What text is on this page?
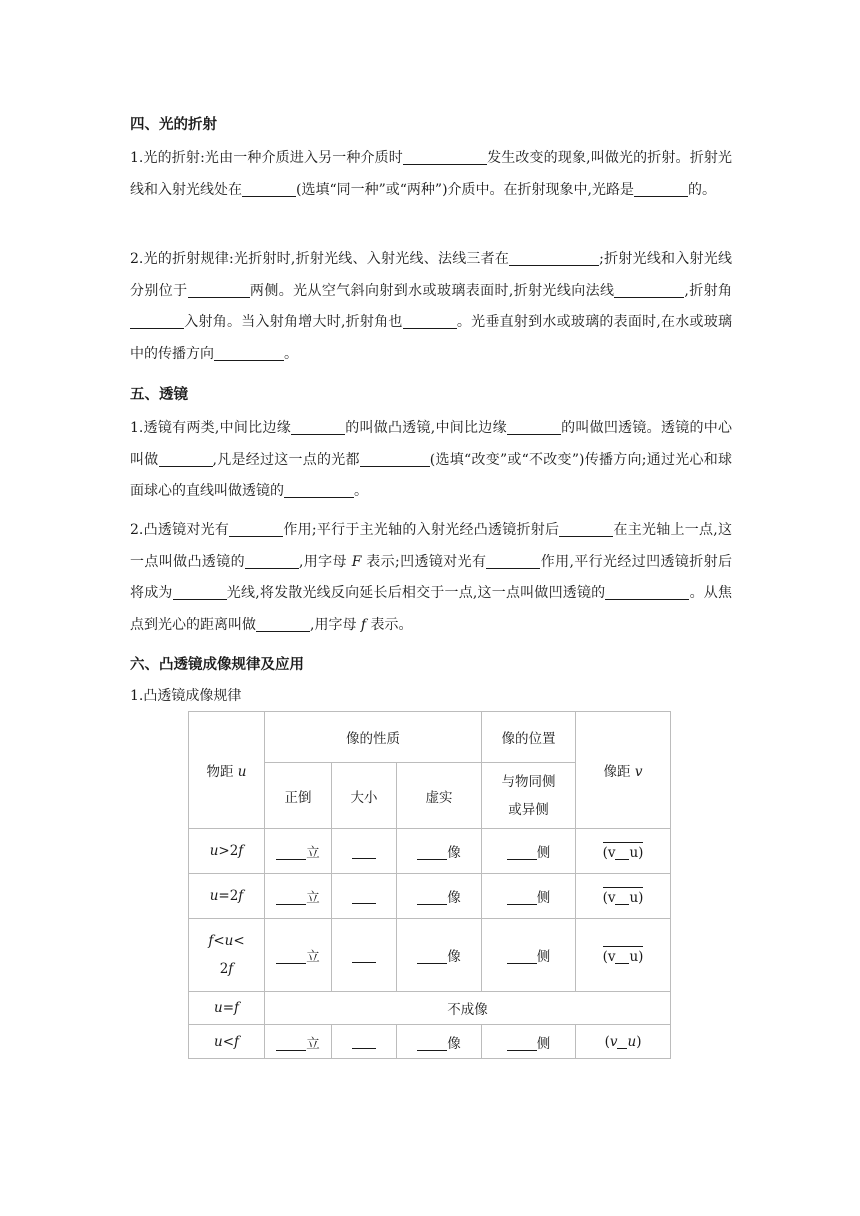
四、光的折射
1.光的折射:光由一种介质进入另一种介质时	发生改变的现象,叫做光的折射。折射光线和入射光线处在	(选填“同一种”或“两种”)介质中。在折射现象中,光路是	的。
2.光的折射规律:光折射时,折射光线、入射光线、法线三者在	;折射光线和入射光线分别位于	两侧。光从空气斜向射到水或玻璃表面时,折射光线向法线	,折射角入射角。当入射角增大时,折射角也	。光垂直射到水或玻璃的表面时,在水或玻璃中的传播方向	。
五、透镜
1.透镜有两类,中间比边缘	的叫做凸透镜,中间比边缘	的叫做凹透镜。透镜的中心叫做	,凡是经过这一点的光都	(选填“改变”或“不改变”)传播方向;通过光心和球面球心的直线叫做透镜的	。
2.凸透镜对光有	作用;平行于主光轴的入射光经凸透镜折射后	在主光轴上一点,这一点叫做凸透镜的	,用字母 F 表示;凹透镜对光有	作用,平行光经过凹透镜折射后将成为	光线,将发散光线反向延长后相交于一点,这一点叫做凹透镜的	。从焦点到光心的距离叫做	,用字母 f 表示。
六、凸透镜成像规律及应用
1.凸透镜成像规律
物距 u	像的性质			像的位置	像距 v
	正倒	大小	虚实	与物同侧
或异侧	
u>2f	立		像	侧	(v u)
u=2f	立		像	侧	(v u)
f<u<
2f	立		像	侧	(v u)
u=f	不成像				
u<f	立		像	侧	(v u)
